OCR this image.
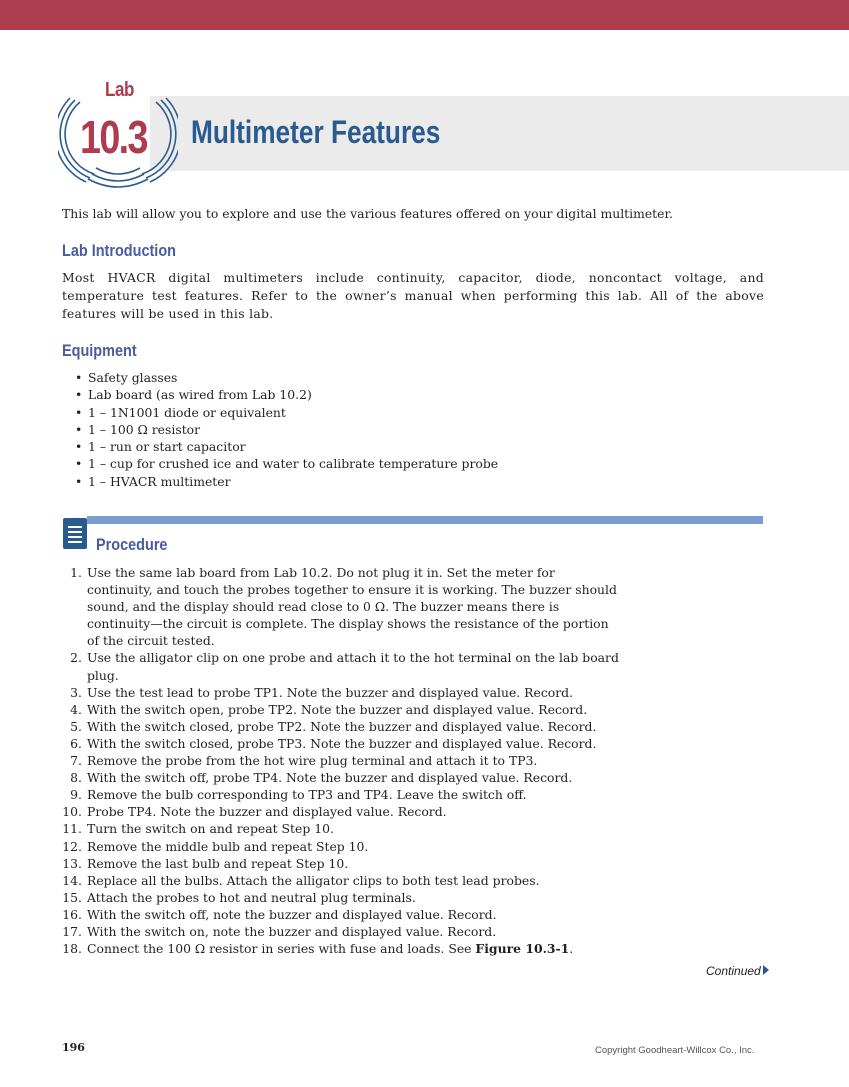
Lab
10.3 Multimeter Features
This lab will allow you to explore and use the various features offered on your digital multimeter.
Lab Introduction
Most HVACR digital multimeters include continuity, capacitor, diode, noncontact voltage, and temperature test features. Refer to the owner’s manual when performing this lab. All of the above features will be used in this lab.
Equipment
• Safety glasses
• Lab board (as wired from Lab 10.2)
• 1 – 1N1001 diode or equivalent
• 1 – 100 Ω resistor
• 1 – run or start capacitor
• 1 – cup for crushed ice and water to calibrate temperature probe
• 1 – HVACR multimeter
Procedure
1. Use the same lab board from Lab 10.2. Do not plug it in. Set the meter for continuity, and touch the probes together to ensure it is working. The buzzer should sound, and the display should read close to 0 Ω. The buzzer means there is continuity—the circuit is complete. The display shows the resistance of the portion of the circuit tested.
2. Use the alligator clip on one probe and attach it to the hot terminal on the lab board plug.
3. Use the test lead to probe TP1. Note the buzzer and displayed value. Record.
4. With the switch open, probe TP2. Note the buzzer and displayed value. Record.
5. With the switch closed, probe TP2. Note the buzzer and displayed value. Record.
6. With the switch closed, probe TP3. Note the buzzer and displayed value. Record.
7. Remove the probe from the hot wire plug terminal and attach it to TP3.
8. With the switch off, probe TP4. Note the buzzer and displayed value. Record.
9. Remove the bulb corresponding to TP3 and TP4. Leave the switch off.
10. Probe TP4. Note the buzzer and displayed value. Record.
11. Turn the switch on and repeat Step 10.
12. Remove the middle bulb and repeat Step 10.
13. Remove the last bulb and repeat Step 10.
14. Replace all the bulbs. Attach the alligator clips to both test lead probes.
15. Attach the probes to hot and neutral plug terminals.
16. With the switch off, note the buzzer and displayed value. Record.
17. With the switch on, note the buzzer and displayed value. Record.
18. Connect the 100 Ω resistor in series with fuse and loads. See Figure 10.3-1.
Continued
196	Copyright Goodheart-Willcox Co., Inc.
